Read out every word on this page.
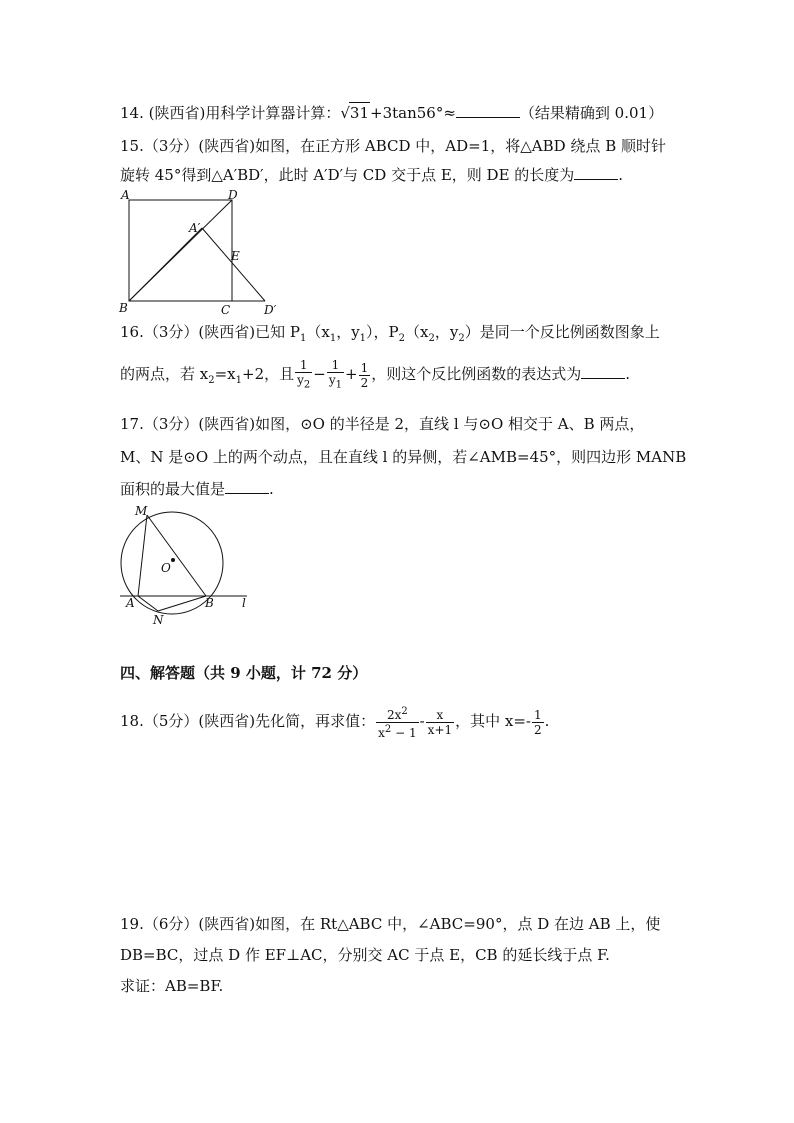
14. (陕西省)用科学计算器计算：√31+3tan56°≈	（结果精确到 0.01）
15.（3分）(陕西省)如图，在正方形 ABCD 中，AD=1，将△ABD 绕点 B 顺时针
旋转 45°得到△A′BD′，此时 A′D′与 CD 交于点 E，则 DE 的长度为	.
A	D
A′
E
B	C	D′
16.（3分）(陕西省)已知 $P_1(x_1$，$y_1$），$P_2(x_2$，$y_2$）是同一个反比例函数图象上
的两点，若 $x_2=x_1+2$，且 $\frac{1}{y_2} - \frac{1}{y_1} + \frac{1}{2}$ ，则这个反比例函数的表达式为	.
17.（3分）(陕西省)如图，⊙O 的半径是 2，直线 l 与⊙O 相交于 A、B 两点，
M、N 是⊙O 上的两个动点，且在直线 l 的异侧，若∠AMB=45°，则四边形 MANB
面积的最大值是	.
M
O
A	B
N
l
四、解答题（共 9 小题，计 72 分）
18.（5分）(陕西省)先化简，再求值： $\frac{2x^2}{x^2 - 1} - \frac{x}{x+1}$ ，其中 $x=- \frac{1}{2}$ .
19.（6分）(陕西省)如图，在 Rt△ABC 中，∠ABC=90°，点 D 在边 AB 上，使
DB=BC，过点 D 作 EF⊥AC，分别交 AC 于点 E，CB 的延长线于点 F.
求证：AB=BF.
